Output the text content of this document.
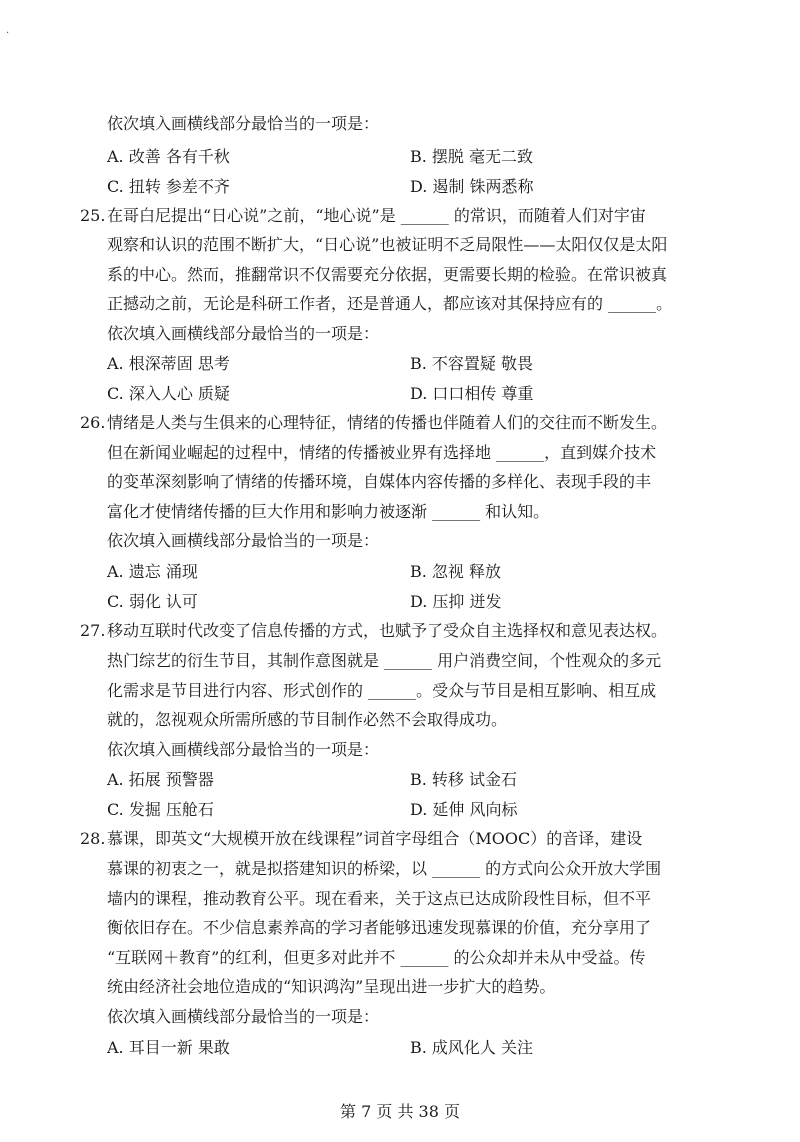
·
依次填入画横线部分最恰当的一项是：
A. 改善 各有千秋	B. 摆脱 毫无二致
C. 扭转 参差不齐	D. 遏制 铢两悉称
25. 在哥白尼提出“日心说”之前，“地心说”是 ______ 的常识，而随着人们对宇宙
观察和认识的范围不断扩大，“日心说”也被证明不乏局限性——太阳仅仅是太阳
系的中心。然而，推翻常识不仅需要充分依据，更需要长期的检验。在常识被真
正撼动之前，无论是科研工作者，还是普通人，都应该对其保持应有的 ______。
依次填入画横线部分最恰当的一项是：
A. 根深蒂固 思考	B. 不容置疑 敬畏
C. 深入人心 质疑	D. 口口相传 尊重
26. 情绪是人类与生俱来的心理特征，情绪的传播也伴随着人们的交往而不断发生。
但在新闻业崛起的过程中，情绪的传播被业界有选择地 ______，直到媒介技术
的变革深刻影响了情绪的传播环境，自媒体内容传播的多样化、表现手段的丰
富化才使情绪传播的巨大作用和影响力被逐渐 ______ 和认知。
依次填入画横线部分最恰当的一项是：
A. 遗忘 涌现	B. 忽视 释放
C. 弱化 认可	D. 压抑 迸发
27. 移动互联时代改变了信息传播的方式，也赋予了受众自主选择权和意见表达权。
热门综艺的衍生节目，其制作意图就是 ______ 用户消费空间，个性观众的多元
化需求是节目进行内容、形式创作的 ______。受众与节目是相互影响、相互成
就的，忽视观众所需所感的节目制作必然不会取得成功。
依次填入画横线部分最恰当的一项是：
A. 拓展 预警器	B. 转移 试金石
C. 发掘 压舱石	D. 延伸 风向标
28. 慕课，即英文“大规模开放在线课程”词首字母组合（MOOC）的音译，建设
慕课的初衷之一，就是拟搭建知识的桥梁，以 ______ 的方式向公众开放大学围
墙内的课程，推动教育公平。现在看来，关于这点已达成阶段性目标，但不平
衡依旧存在。不少信息素养高的学习者能够迅速发现慕课的价值，充分享用了
“互联网＋教育”的红利，但更多对此并不 ______ 的公众却并未从中受益。传
统由经济社会地位造成的“知识鸿沟”呈现出进一步扩大的趋势。
依次填入画横线部分最恰当的一项是：
A. 耳目一新 果敢	B. 成风化人 关注
第 7 页 共 38 页
